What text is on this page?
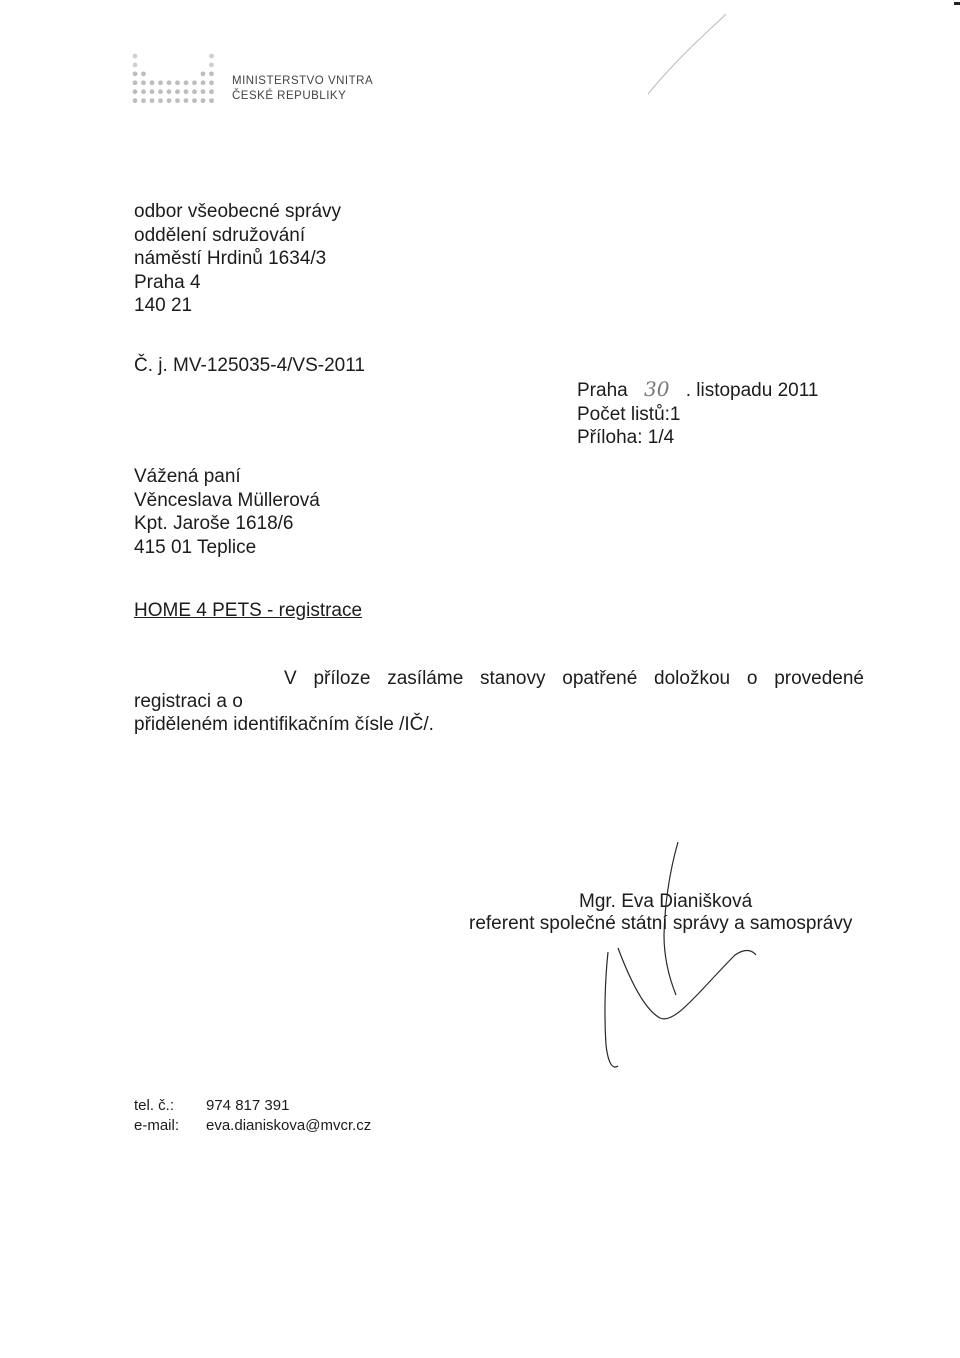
MINISTERSTVO VNITRA
ČESKÉ REPUBLIKY
odbor všeobecné správy
oddělení sdružování
náměstí Hrdinů 1634/3
Praha 4
140 21
Č. j. MV-125035-4/VS-2011
Praha 30 . listopadu 2011
Počet listů:1
Příloha: 1/4
Vážená paní
Věnceslava Müllerová
Kpt. Jaroše 1618/6
415 01 Teplice
HOME 4 PETS - registrace
V příloze zasíláme stanovy opatřené doložkou o provedené registraci a o
přiděleném identifikačním čísle /IČ/.
Mgr. Eva Dianišková
referent společné státní správy a samosprávy
tel. č.: 974 817 391
e-mail: eva.dianiskova@mvcr.cz
